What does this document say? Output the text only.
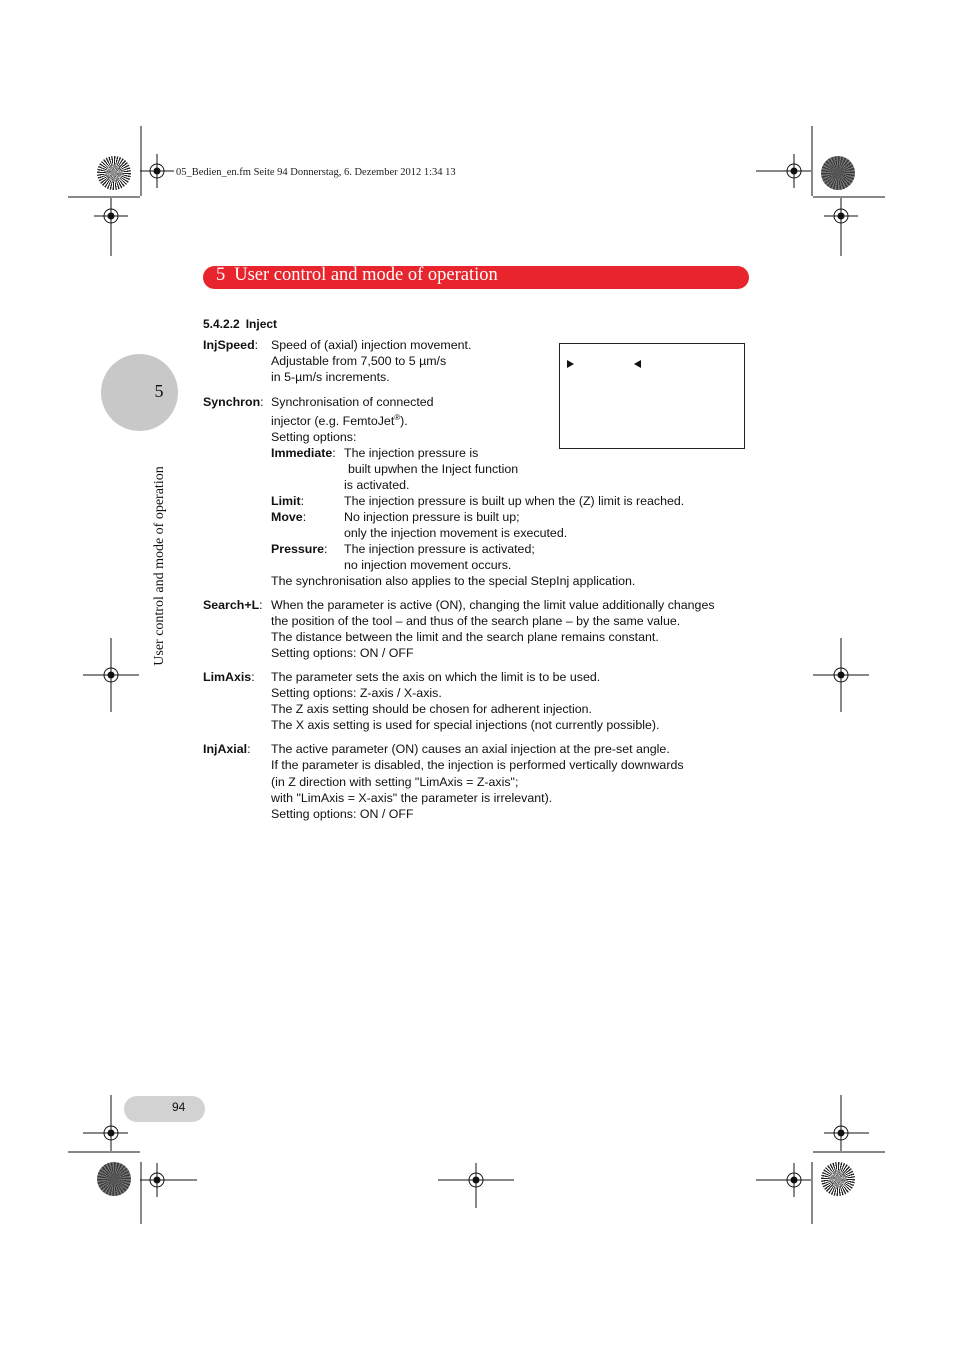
05_Bedien_en.fm Seite 94 Donnerstag, 6. Dezember 2012 1:34 13
5 User control and mode of operation
5
User control and mode of operation
5.4.2.2 Inject
InjSpeed: Speed of (axial) injection movement.
Adjustable from 7,500 to 5 µm/s
in 5-µm/s increments.
Synchron: Synchronisation of connected
injector (e.g. FemtoJet®).
Setting options:
Immediate: The injection pressure is
built upwhen the Inject function
is activated.
Limit:	The injection pressure is built up when the (Z) limit is reached.
Move:	No injection pressure is built up;
only the injection movement is executed.
Pressure: The injection pressure is activated;
no injection movement occurs.
The synchronisation also applies to the special StepInj application.
Search+L: When the parameter is active (ON), changing the limit value additionally changes
the position of the tool – and thus of the search plane – by the same value.
The distance between the limit and the search plane remains constant.
Setting options: ON / OFF
LimAxis: The parameter sets the axis on which the limit is to be used.
Setting options: Z-axis / X-axis.
The Z axis setting should be chosen for adherent injection.
The X axis setting is used for special injections (not currently possible).
InjAxial: The active parameter (ON) causes an axial injection at the pre-set angle.
If the parameter is disabled, the injection is performed vertically downwards
(in Z direction with setting "LimAxis = Z-axis";
with "LimAxis = X-axis" the parameter is irrelevant).
Setting options: ON / OFF
94
